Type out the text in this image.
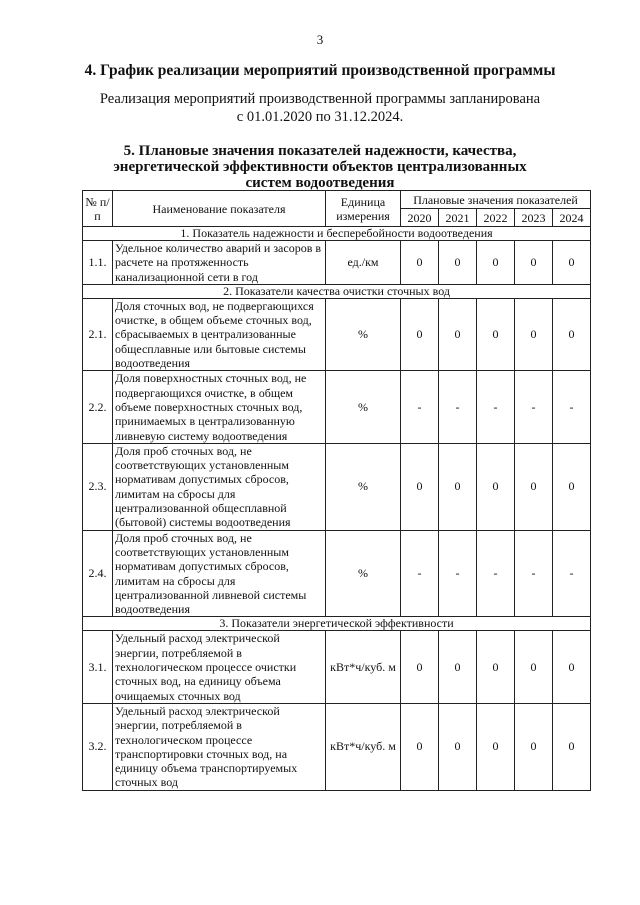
3
4. График реализации мероприятий производственной программы
Реализация мероприятий производственной программы запланирована
с 01.01.2020 по 31.12.2024.
5. Плановые значения показателей надежности, качества,
энергетической эффективности объектов централизованных
систем водоотведения
№ п/п	Наименование показателя	Единица измерения	Плановые значения показателей				
			2020	2021	2022	2023	2024
1. Показатель надежности и бесперебойности водоотведения							
1.1.	Удельное количество аварий и засоров в расчете на протяженность канализационной сети в год	ед./км	0	0	0	0	0
2. Показатели качества очистки сточных вод							
2.1.	Доля сточных вод, не подвергающихся очистке, в общем объеме сточных вод, сбрасываемых в централизованные общесплавные или бытовые системы водоотведения	%	0	0	0	0	0
2.2.	Доля поверхностных сточных вод, не подвергающихся очистке, в общем объеме поверхностных сточных вод, принимаемых в централизованную ливневую систему водоотведения	%	-	-	-	-	-
2.3.	Доля проб сточных вод, не соответствующих установленным нормативам допустимых сбросов, лимитам на сбросы для централизованной общесплавной (бытовой) системы водоотведения	%	0	0	0	0	0
2.4.	Доля проб сточных вод, не соответствующих установленным нормативам допустимых сбросов, лимитам на сбросы для централизованной ливневой системы водоотведения	%	-	-	-	-	-
3. Показатели энергетической эффективности							
3.1.	Удельный расход электрической энергии, потребляемой в технологическом процессе очистки сточных вод, на единицу объема очищаемых сточных вод	кВт*ч/куб. м	0	0	0	0	0
3.2.	Удельный расход электрической энергии, потребляемой в технологическом процессе транспортировки сточных вод, на единицу объема транспортируемых сточных вод	кВт*ч/куб. м	0	0	0	0	0
